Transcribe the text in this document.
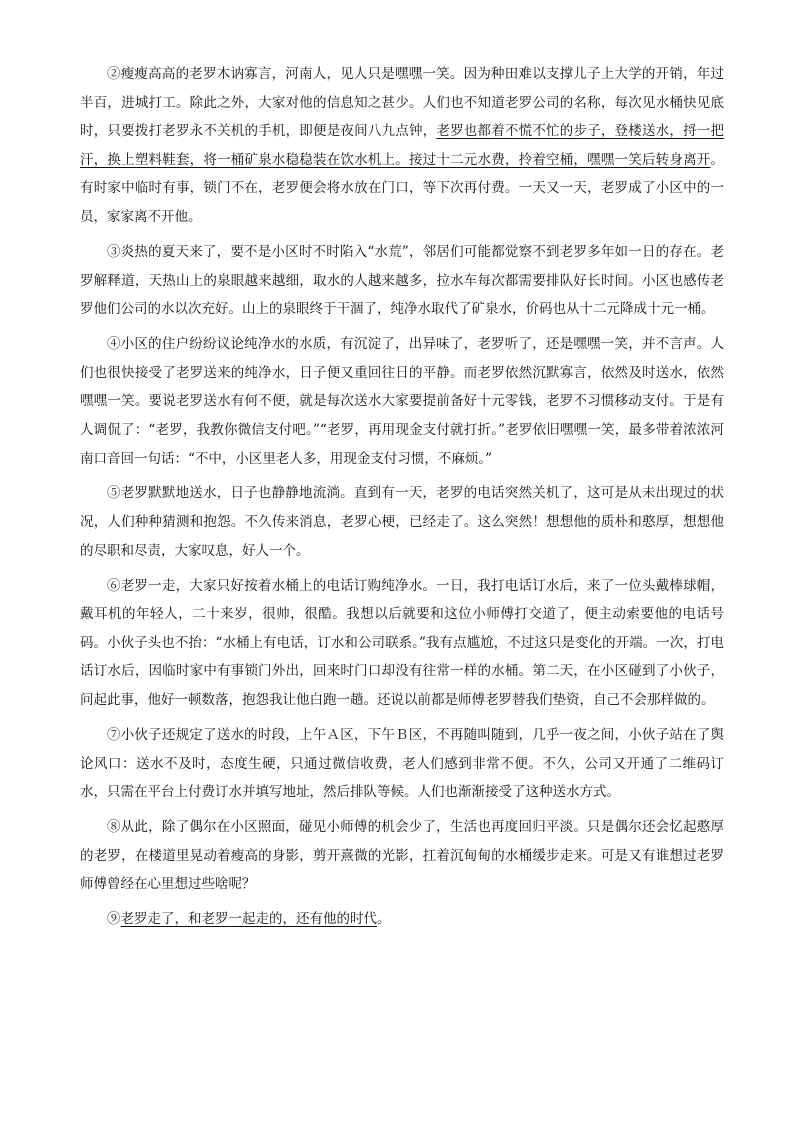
②瘦瘦高高的老罗木讷寡言，河南人，见人只是嘿嘿一笑。因为种田难以支撑儿子上大学的开销，年过半百，进城打工。除此之外，大家对他的信息知之甚少。人们也不知道老罗公司的名称，每次见水桶快见底时，只要拨打老罗永不关机的手机，即便是夜间八九点钟，老罗也都着不慌不忙的步子，登楼送水，捋一把汗，换上塑料鞋套，将一桶矿泉水稳稳装在饮水机上。接过十二元水费，拎着空桶，嘿嘿一笑后转身离开。有时家中临时有事，锁门不在，老罗便会将水放在门口，等下次再付费。一天又一天，老罗成了小区中的一员，家家离不开他。

③炎热的夏天来了，要不是小区时不时陷入“水荒”，邻居们可能都觉察不到老罗多年如一日的存在。老罗解释道，天热山上的泉眼越来越细，取水的人越来越多，拉水车每次都需要排队好长时间。小区也感传老罗他们公司的水以次充好。山上的泉眼终于干涸了，纯净水取代了矿泉水，价码也从十二元降成十元一桶。

④小区的住户纷纷议论纯净水的水质，有沉淀了，出异味了，老罗听了，还是嘿嘿一笑，并不言声。人们也很快接受了老罗送来的纯净水，日子便又重回往日的平静。而老罗依然沉默寡言，依然及时送水，依然嘿嘿一笑。要说老罗送水有何不便，就是每次送水大家要提前备好十元零钱，老罗不习惯移动支付。于是有人调侃了：“老罗，我教你微信支付吧。”“老罗，再用现金支付就打折。”老罗依旧嘿嘿一笑，最多带着浓浓河南口音回一句话：“不中，小区里老人多，用现金支付习惯，不麻烦。”

⑤老罗默默地送水，日子也静静地流淌。直到有一天，老罗的电话突然关机了，这可是从未出现过的状况，人们种种猜测和抱怨。不久传来消息，老罗心梗，已经走了。这么突然！想想他的质朴和憨厚，想想他的尽职和尽责，大家叹息，好人一个。

⑥老罗一走，大家只好按着水桶上的电话订购纯净水。一日，我打电话订水后，来了一位头戴棒球帽，戴耳机的年轻人，二十来岁，很帅，很酷。我想以后就要和这位小师傅打交道了，便主动索要他的电话号码。小伙子头也不抬：“水桶上有电话，订水和公司联系。”我有点尴尬，不过这只是变化的开端。一次，打电话订水后，因临时家中有事锁门外出，回来时门口却没有往常一样的水桶。第二天，在小区碰到了小伙子，问起此事，他好一顿数落，抱怨我让他白跑一趟。还说以前都是师傅老罗替我们垫资，自己不会那样做的。

⑦小伙子还规定了送水的时段，上午Ａ区，下午Ｂ区，不再随叫随到，几乎一夜之间，小伙子站在了舆论风口：送水不及时，态度生硬，只通过微信收费，老人们感到非常不便。不久，公司又开通了二维码订水，只需在平台上付费订水并填写地址，然后排队等候。人们也渐渐接受了这种送水方式。

⑧从此，除了偶尔在小区照面，碰见小师傅的机会少了，生活也再度回归平淡。只是偶尔还会忆起憨厚的老罗，在楼道里晃动着瘦高的身影，剪开熹微的光影，扛着沉甸甸的水桶缓步走来。可是又有谁想过老罗师傅曾经在心里想过些啥呢？

⑨老罗走了，和老罗一起走的，还有他的时代。
